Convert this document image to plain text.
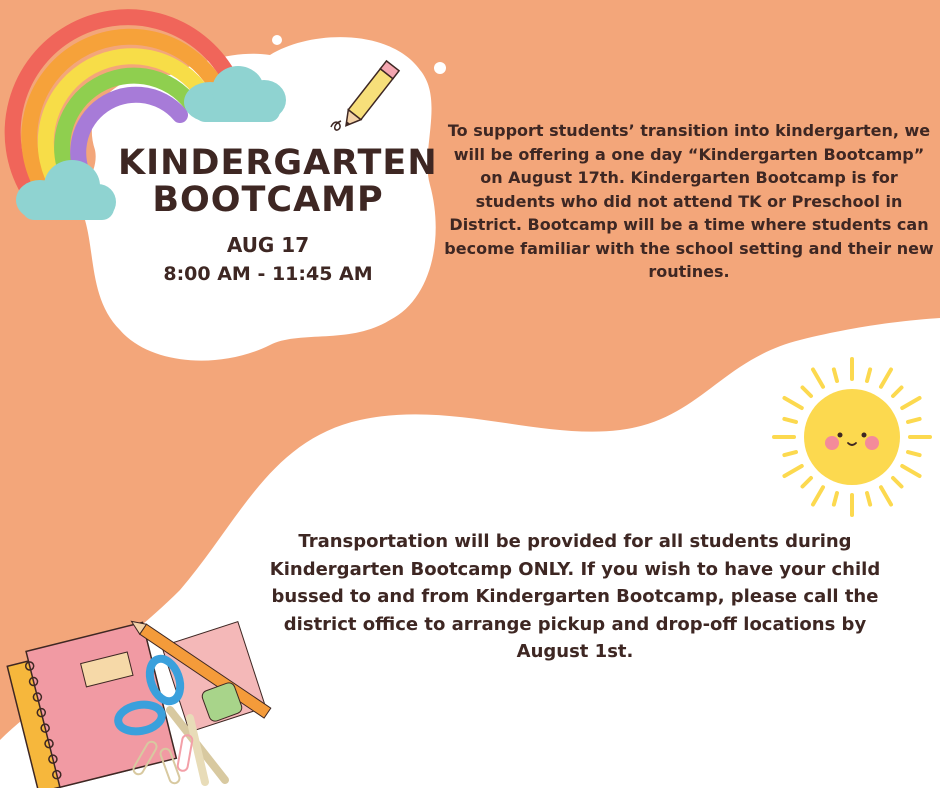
KINDERGARTEN
BOOTCAMP

AUG 17

8:00 AM - 11:45 AM

To support students’ transition into kindergarten, we will be offering a one day “Kindergarten Bootcamp” on August 17th. Kindergarten Bootcamp is for students who did not attend TK or Preschool in District. Bootcamp will be a time where students can become familiar with the school setting and their new routines.

Transportation will be provided for all students during Kindergarten Bootcamp ONLY. If you wish to have your child bussed to and from Kindergarten Bootcamp, please call the district office to arrange pickup and drop-off locations by August 1st.
